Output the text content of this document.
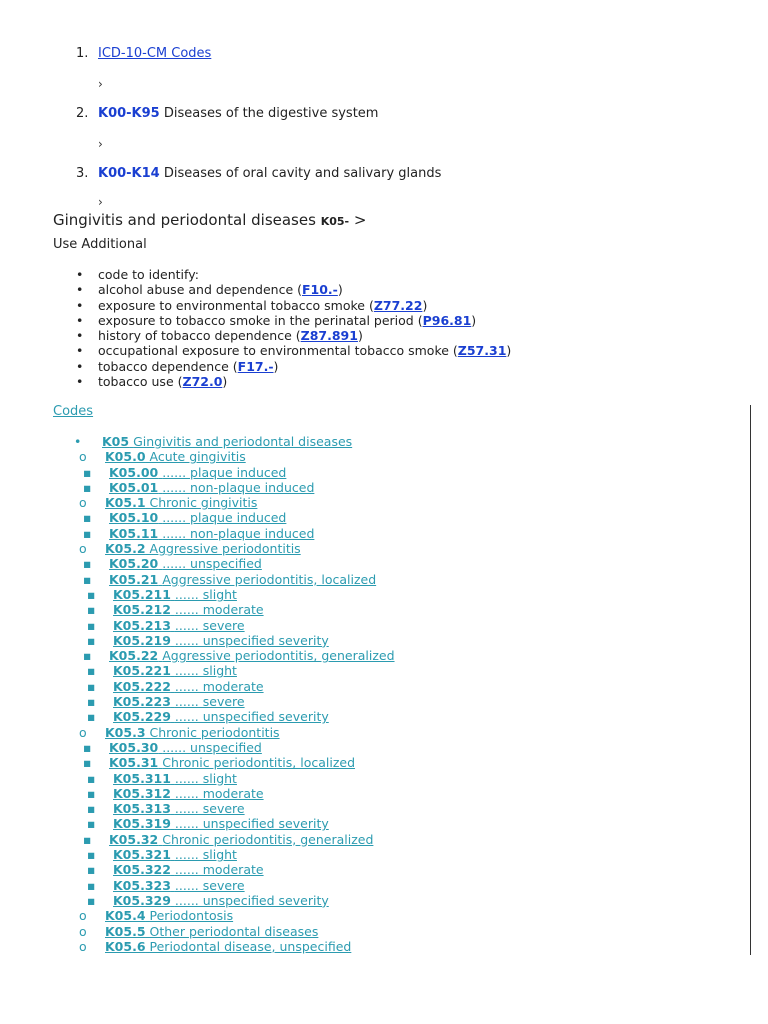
1. ICD-10-CM Codes
›
2. K00-K95 Diseases of the digestive system
›
3. K00-K14 Diseases of oral cavity and salivary glands
›
Gingivitis and periodontal diseases K05- >
Use Additional
• code to identify:
• alcohol abuse and dependence (F10.-)
• exposure to environmental tobacco smoke (Z77.22)
• exposure to tobacco smoke in the perinatal period (P96.81)
• history of tobacco dependence (Z87.891)
• occupational exposure to environmental tobacco smoke (Z57.31)
• tobacco dependence (F17.-)
• tobacco use (Z72.0)
Codes
• K05 Gingivitis and periodontal diseases
o K05.0 Acute gingivitis
▪ K05.00 ...... plaque induced
▪ K05.01 ...... non-plaque induced
o K05.1 Chronic gingivitis
▪ K05.10 ...... plaque induced
▪ K05.11 ...... non-plaque induced
o K05.2 Aggressive periodontitis
▪ K05.20 ...... unspecified
▪ K05.21 Aggressive periodontitis, localized
▪ K05.211 ...... slight
▪ K05.212 ...... moderate
▪ K05.213 ...... severe
▪ K05.219 ...... unspecified severity
▪ K05.22 Aggressive periodontitis, generalized
▪ K05.221 ...... slight
▪ K05.222 ...... moderate
▪ K05.223 ...... severe
▪ K05.229 ...... unspecified severity
o K05.3 Chronic periodontitis
▪ K05.30 ...... unspecified
▪ K05.31 Chronic periodontitis, localized
▪ K05.311 ...... slight
▪ K05.312 ...... moderate
▪ K05.313 ...... severe
▪ K05.319 ...... unspecified severity
▪ K05.32 Chronic periodontitis, generalized
▪ K05.321 ...... slight
▪ K05.322 ...... moderate
▪ K05.323 ...... severe
▪ K05.329 ...... unspecified severity
o K05.4 Periodontosis
o K05.5 Other periodontal diseases
o K05.6 Periodontal disease, unspecified
